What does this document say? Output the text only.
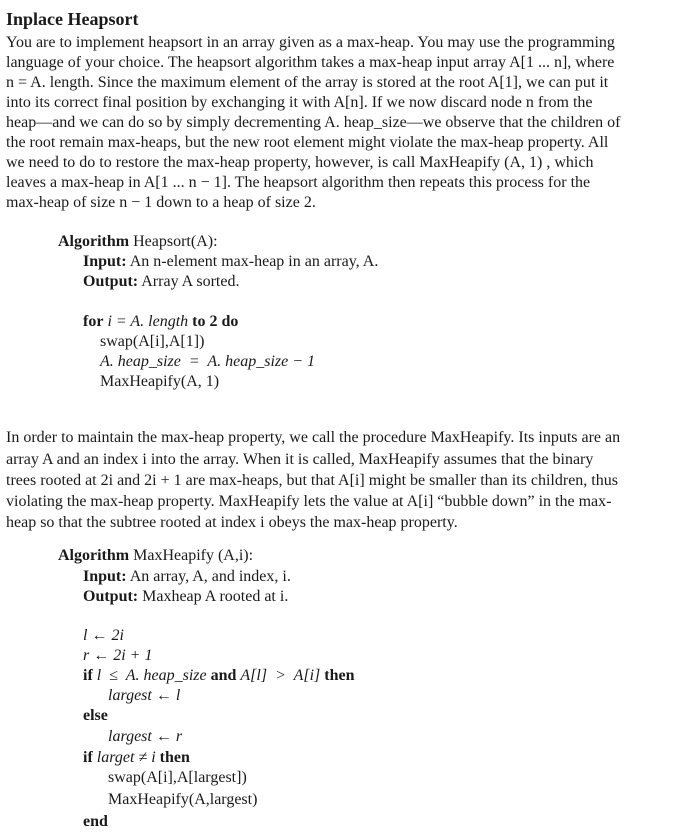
Inplace Heapsort
You are to implement heapsort in an array given as a max-heap. You may use the programming
language of your choice. The heapsort algorithm takes a max-heap input array A[1 ... n], where
n = A. length. Since the maximum element of the array is stored at the root A[1], we can put it
into its correct final position by exchanging it with A[n]. If we now discard node n from the
heap—and we can do so by simply decrementing A. heap_size—we observe that the children of
the root remain max-heaps, but the new root element might violate the max-heap property. All
we need to do to restore the max-heap property, however, is call MaxHeapify (A, 1) , which
leaves a max-heap in A[1 ... n − 1]. The heapsort algorithm then repeats this process for the
max-heap of size n − 1 down to a heap of size 2.
Algorithm Heapsort(A):
Input: An n-element max-heap in an array, A.
Output: Array A sorted.
for i = A. length to 2 do
swap(A[i],A[1])
A. heap_size  =  A. heap_size − 1
MaxHeapify(A, 1)
In order to maintain the max-heap property, we call the procedure MaxHeapify. Its inputs are an
array A and an index i into the array. When it is called, MaxHeapify assumes that the binary
trees rooted at 2i and 2i + 1 are max-heaps, but that A[i] might be smaller than its children, thus
violating the max-heap property. MaxHeapify lets the value at A[i] “bubble down” in the max-
heap so that the subtree rooted at index i obeys the max-heap property.
Algorithm MaxHeapify (A,i):
Input: An array, A, and index, i.
Output: Maxheap A rooted at i.
l ← 2i
r ← 2i + 1
if l  ≤  A. heap_size and A[l]  >  A[i] then
largest ← l
else
largest ← r
if larget ≠ i then
swap(A[i],A[largest])
MaxHeapify(A,largest)
end
